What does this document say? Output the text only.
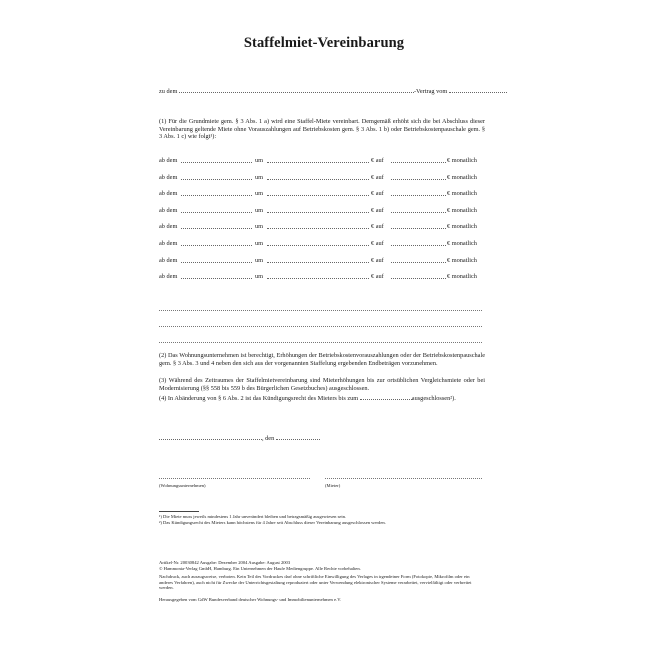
Staffelmiet-Vereinbarung
zu dem	-Vertrag vom
(1) Für die Grundmiete gem. § 3 Abs. 1 a) wird eine Staffel-Miete vereinbart. Demgemäß erhöht sich die bei Abschluss dieser Vereinbarung geltende Miete ohne Vorauszahlungen auf Betriebskosten gem. § 3 Abs. 1 b) oder Betriebskostenpauschale gem. § 3 Abs. 1 c) wie folgt¹):
ab dem	um	€ auf	€ monatlich
ab dem	um	€ auf	€ monatlich
ab dem	um	€ auf	€ monatlich
ab dem	um	€ auf	€ monatlich
ab dem	um	€ auf	€ monatlich
ab dem	um	€ auf	€ monatlich
ab dem	um	€ auf	€ monatlich
ab dem	um	€ auf	€ monatlich
(2) Das Wohnungsunternehmen ist berechtigt, Erhöhungen der Betriebskostenvorauszahlungen oder der Betriebskostenpauschale gem. § 3 Abs. 3 und 4 neben den sich aus der vorgenannten Staffelung ergebenden Endbeträgen vorzunehmen.
(3) Während des Zeitraumes der Staffelmietvereinbarung sind Mieterhöhungen bis zur ortsüblichen Vergleichsmiete oder bei Modernisierung (§§ 558 bis 559 b des Bürgerlichen Gesetzbuches) ausgeschlossen.
(4) In Abänderung von § 6 Abs. 2 ist das Kündigungsrecht des Mieters bis zum	ausgeschlossen²).
, den
(Wohnungsunternehmen)	(Mieter)
¹) Die Miete muss jeweils mindestens 1 Jahr unverändert bleiben und betragsmäßig ausgewiesen sein.
²) Das Kündigungsrecht des Mieters kann höchstens für 4 Jahre seit Abschluss dieser Vereinbarung ausgeschlossen werden.
Artikel-Nr. 20030842 Ausgabe: Dezember 2004 Ausgabe: August 2003
© Hammonia-Verlag GmbH, Hamburg. Ein Unternehmen der Haufe Mediengruppe. Alle Rechte vorbehalten.
Nachdruck, auch auszugsweise, verboten. Kein Teil des Vordruckes darf ohne schriftliche Einwilligung des Verlages in irgendeiner Form (Fotokopie, Mikrofilm oder ein anderes Verfahren), auch nicht für Zwecke der Unterrichtsgestaltung reproduziert oder unter Verwendung elektronischer Systeme verarbeitet, vervielfältigt oder verbreitet werden.
Herausgegeben vom GdW Bundesverband deutscher Wohnungs- und Immobilienunternehmen e.V.
